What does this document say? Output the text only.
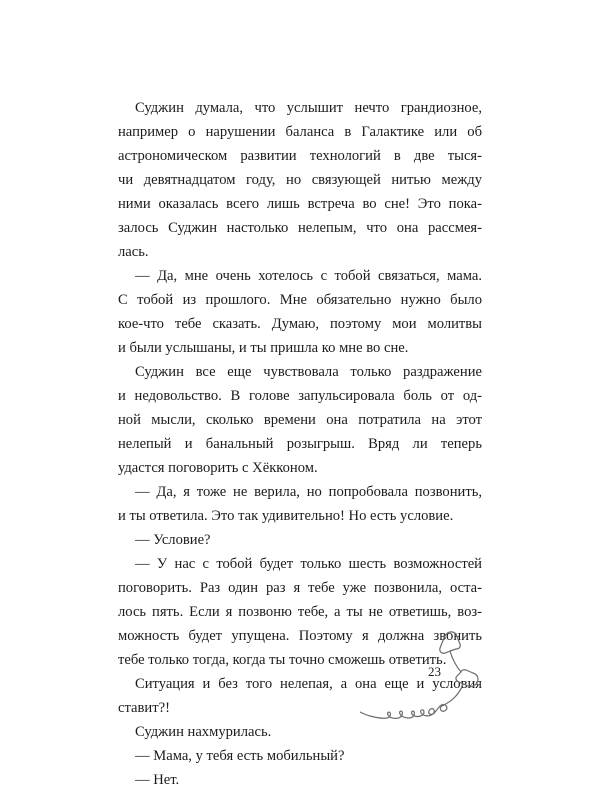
Суджин думала, что услышит нечто грандиозное,
например о нарушении баланса в Галактике или об
астрономическом развитии технологий в две тыся-
чи девятнадцатом году, но связующей нитью между
ними оказалась всего лишь встреча во сне! Это пока-
залось Суджин настолько нелепым, что она рассмея-
лась.

— Да, мне очень хотелось с тобой связаться, мама.
С тобой из прошлого. Мне обязательно нужно было
кое-что тебе сказать. Думаю, поэтому мои молитвы
и были услышаны, и ты пришла ко мне во сне.

Суджин все еще чувствовала только раздражение
и недовольство. В голове запульсировала боль от од-
ной мысли, сколько времени она потратила на этот
нелепый и банальный розыгрыш. Вряд ли теперь
удастся поговорить с Хёкконом.

— Да, я тоже не верила, но попробовала позвонить,
и ты ответила. Это так удивительно! Но есть условие.

— Условие?

— У нас с тобой будет только шесть возможностей
поговорить. Раз один раз я тебе уже позвонила, оста-
лось пять. Если я позвоню тебе, а ты не ответишь, воз-
можность будет упущена. Поэтому я должна звонить
тебе только тогда, когда ты точно сможешь ответить.

Ситуация и без того нелепая, а она еще и условия
ставит?!

Суджин нахмурилась.

— Мама, у тебя есть мобильный?

— Нет.

23
